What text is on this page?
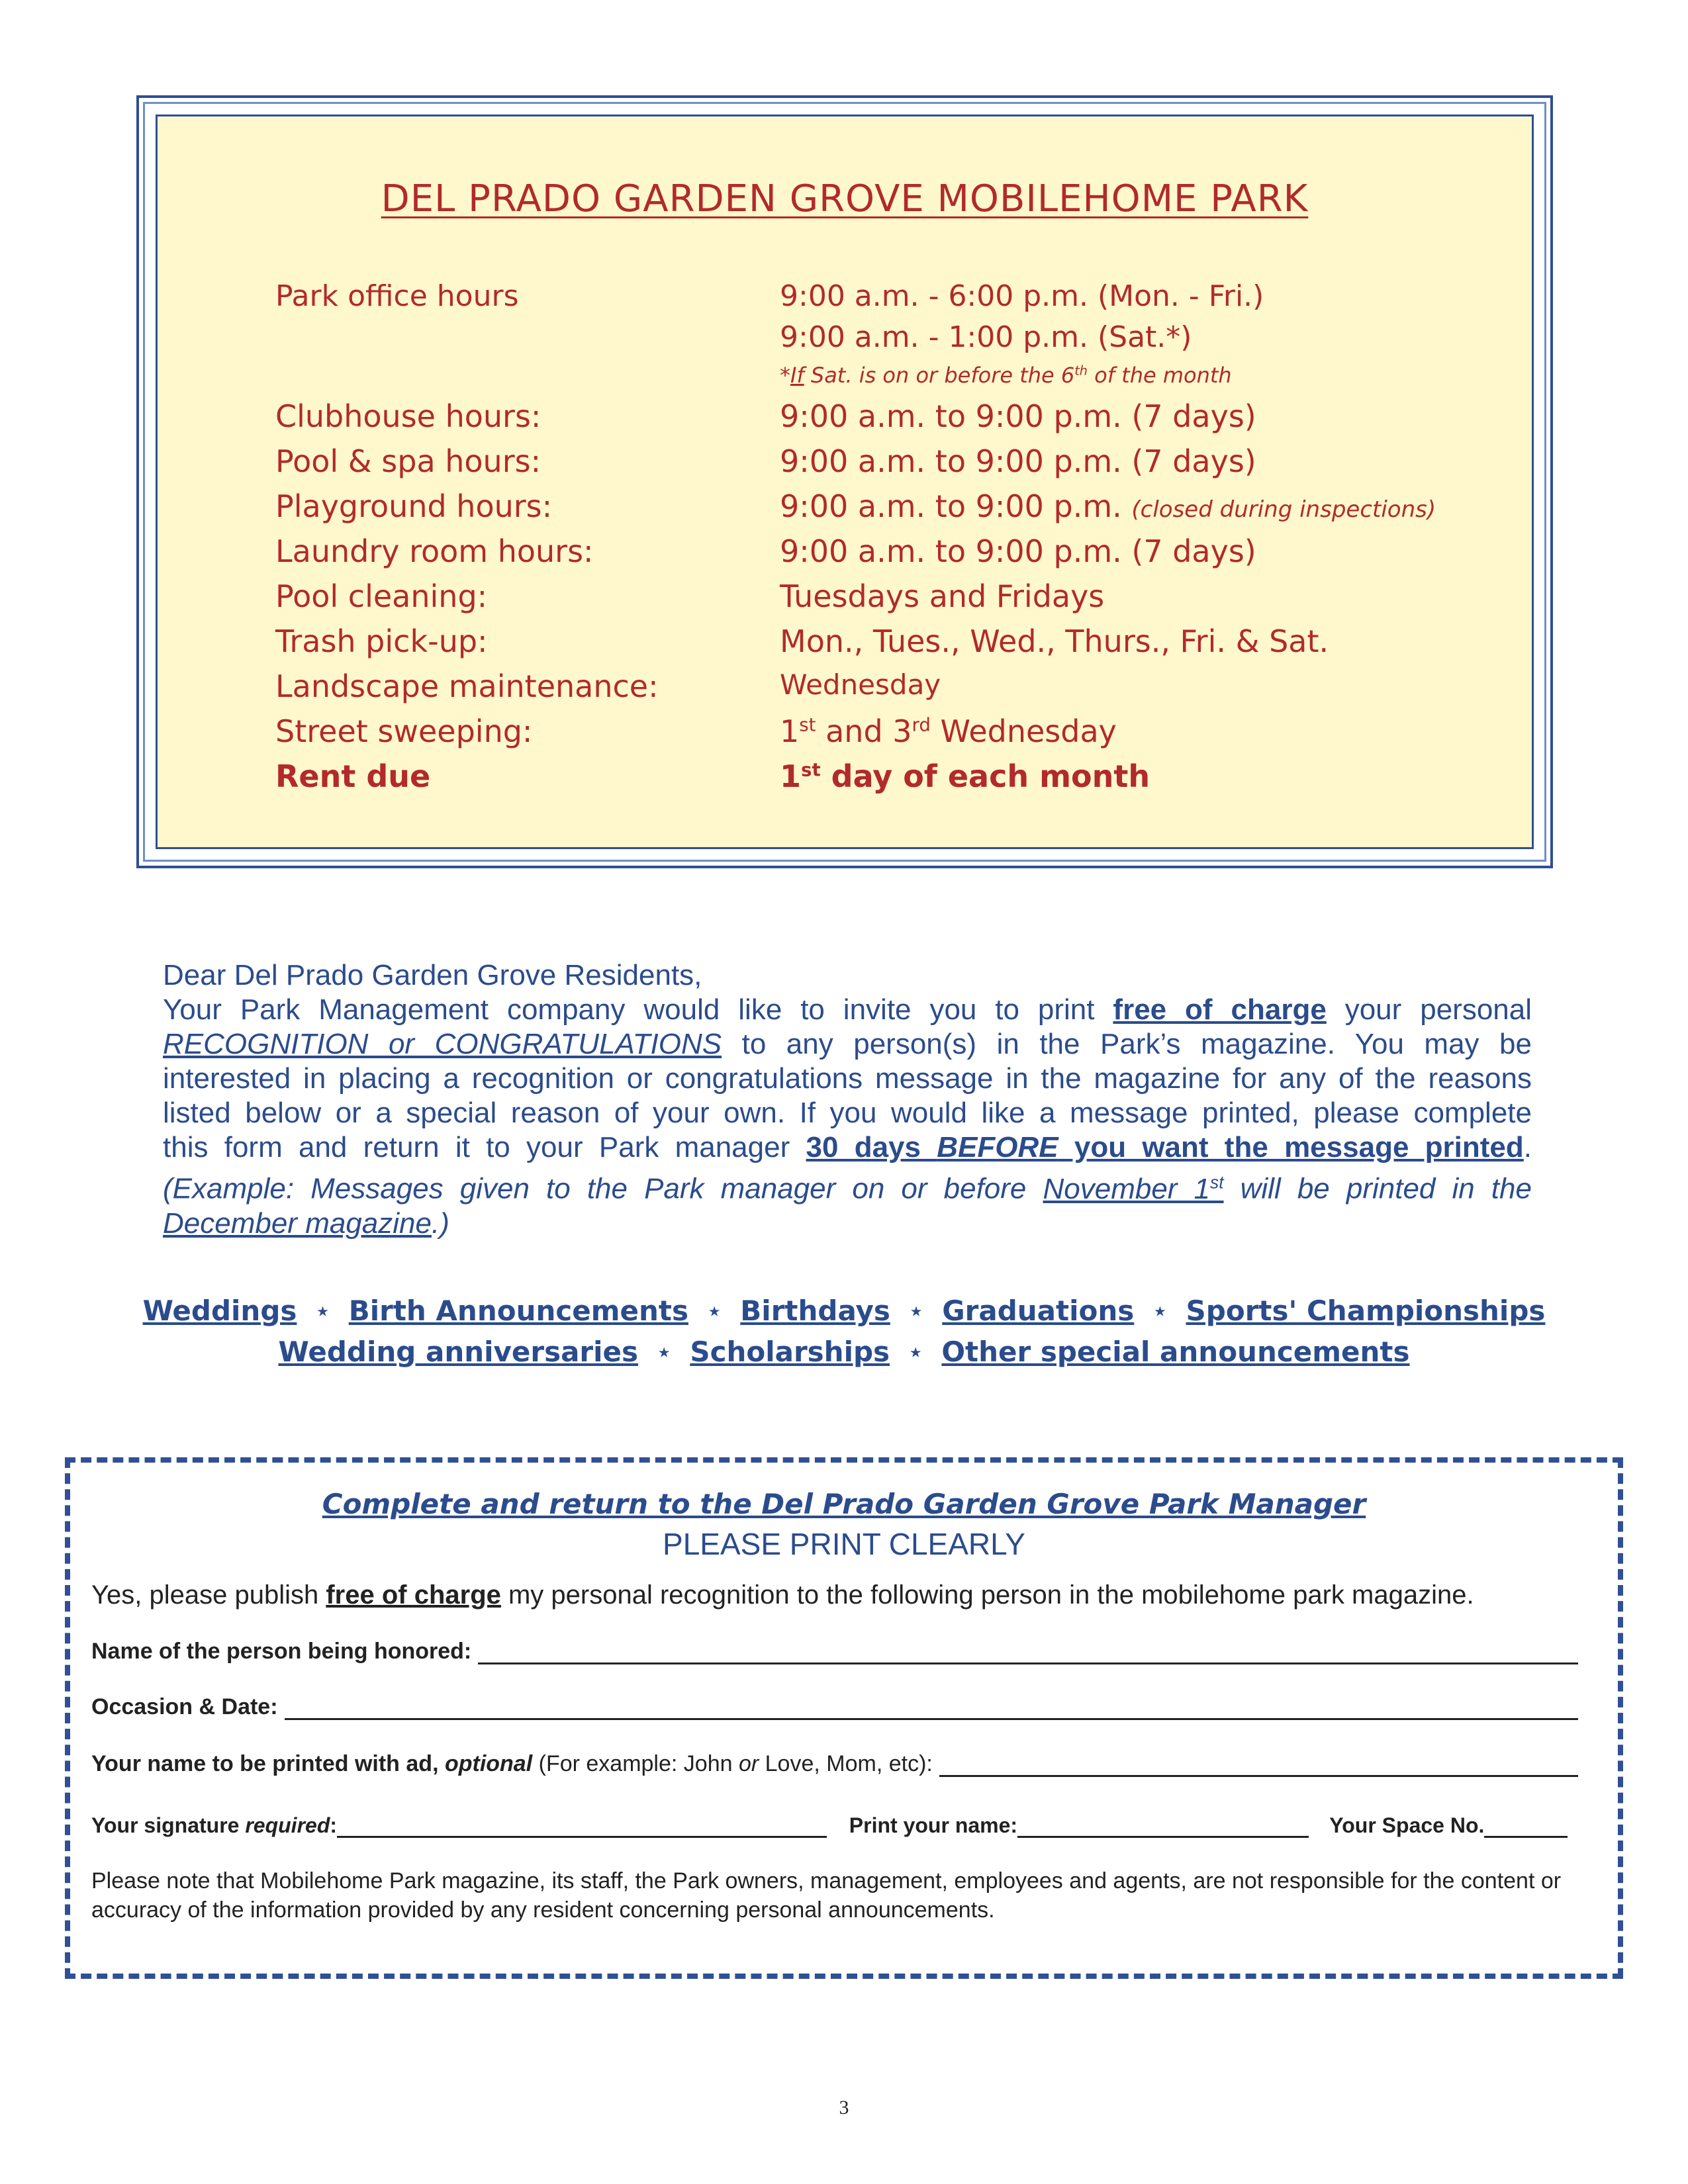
DEL PRADO GARDEN GROVE MOBILEHOME PARK
Park office hours	9:00 a.m. - 6:00 p.m. (Mon. - Fri.)
9:00 a.m. - 1:00 p.m. (Sat.*)
*If Sat. is on or before the 6th of the month
Clubhouse hours:	9:00 a.m. to 9:00 p.m. (7 days)
Pool & spa hours:	9:00 a.m. to 9:00 p.m. (7 days)
Playground hours:	9:00 a.m. to 9:00 p.m. (closed during inspections)
Laundry room hours:	9:00 a.m. to 9:00 p.m. (7 days)
Pool cleaning:	Tuesdays and Fridays
Trash pick-up:	Mon., Tues., Wed., Thurs., Fri. & Sat.
Landscape maintenance:	Wednesday
Street sweeping:	1st and 3rd Wednesday
Rent due	1st day of each month

Dear Del Prado Garden Grove Residents,

Your Park Management company would like to invite you to print free of charge your personal

RECOGNITION or CONGRATULATIONS to any person(s) in the Park’s magazine. You may be

interested in placing a recognition or congratulations message in the magazine for any of the reasons

listed below or a special reason of your own. If you would like a message printed, please complete

this form and return it to your Park manager 30 days BEFORE you want the message printed.

(Example: Messages given to the Park manager on or before November 1st will be printed in the

December magazine.)

Weddings ⋆ Birth Announcements ⋆ Birthdays ⋆ Graduations ⋆ Sports' Championships
Wedding anniversaries ⋆ Scholarships ⋆ Other special announcements
Complete and return to the Del Prado Garden Grove Park Manager
PLEASE PRINT CLEARLY
Yes, please publish free of charge my personal recognition to the following person in the mobilehome park magazine.
Name of the person being honored:
Occasion & Date:
Your name to be printed with ad, optional (For example: John or Love, Mom, etc):
Your signature required:	Print your name:	Your Space No.
Please note that Mobilehome Park magazine, its staff, the Park owners, management, employees and agents, are not responsible for the content or accuracy of the information provided by any resident concerning personal announcements.
3
